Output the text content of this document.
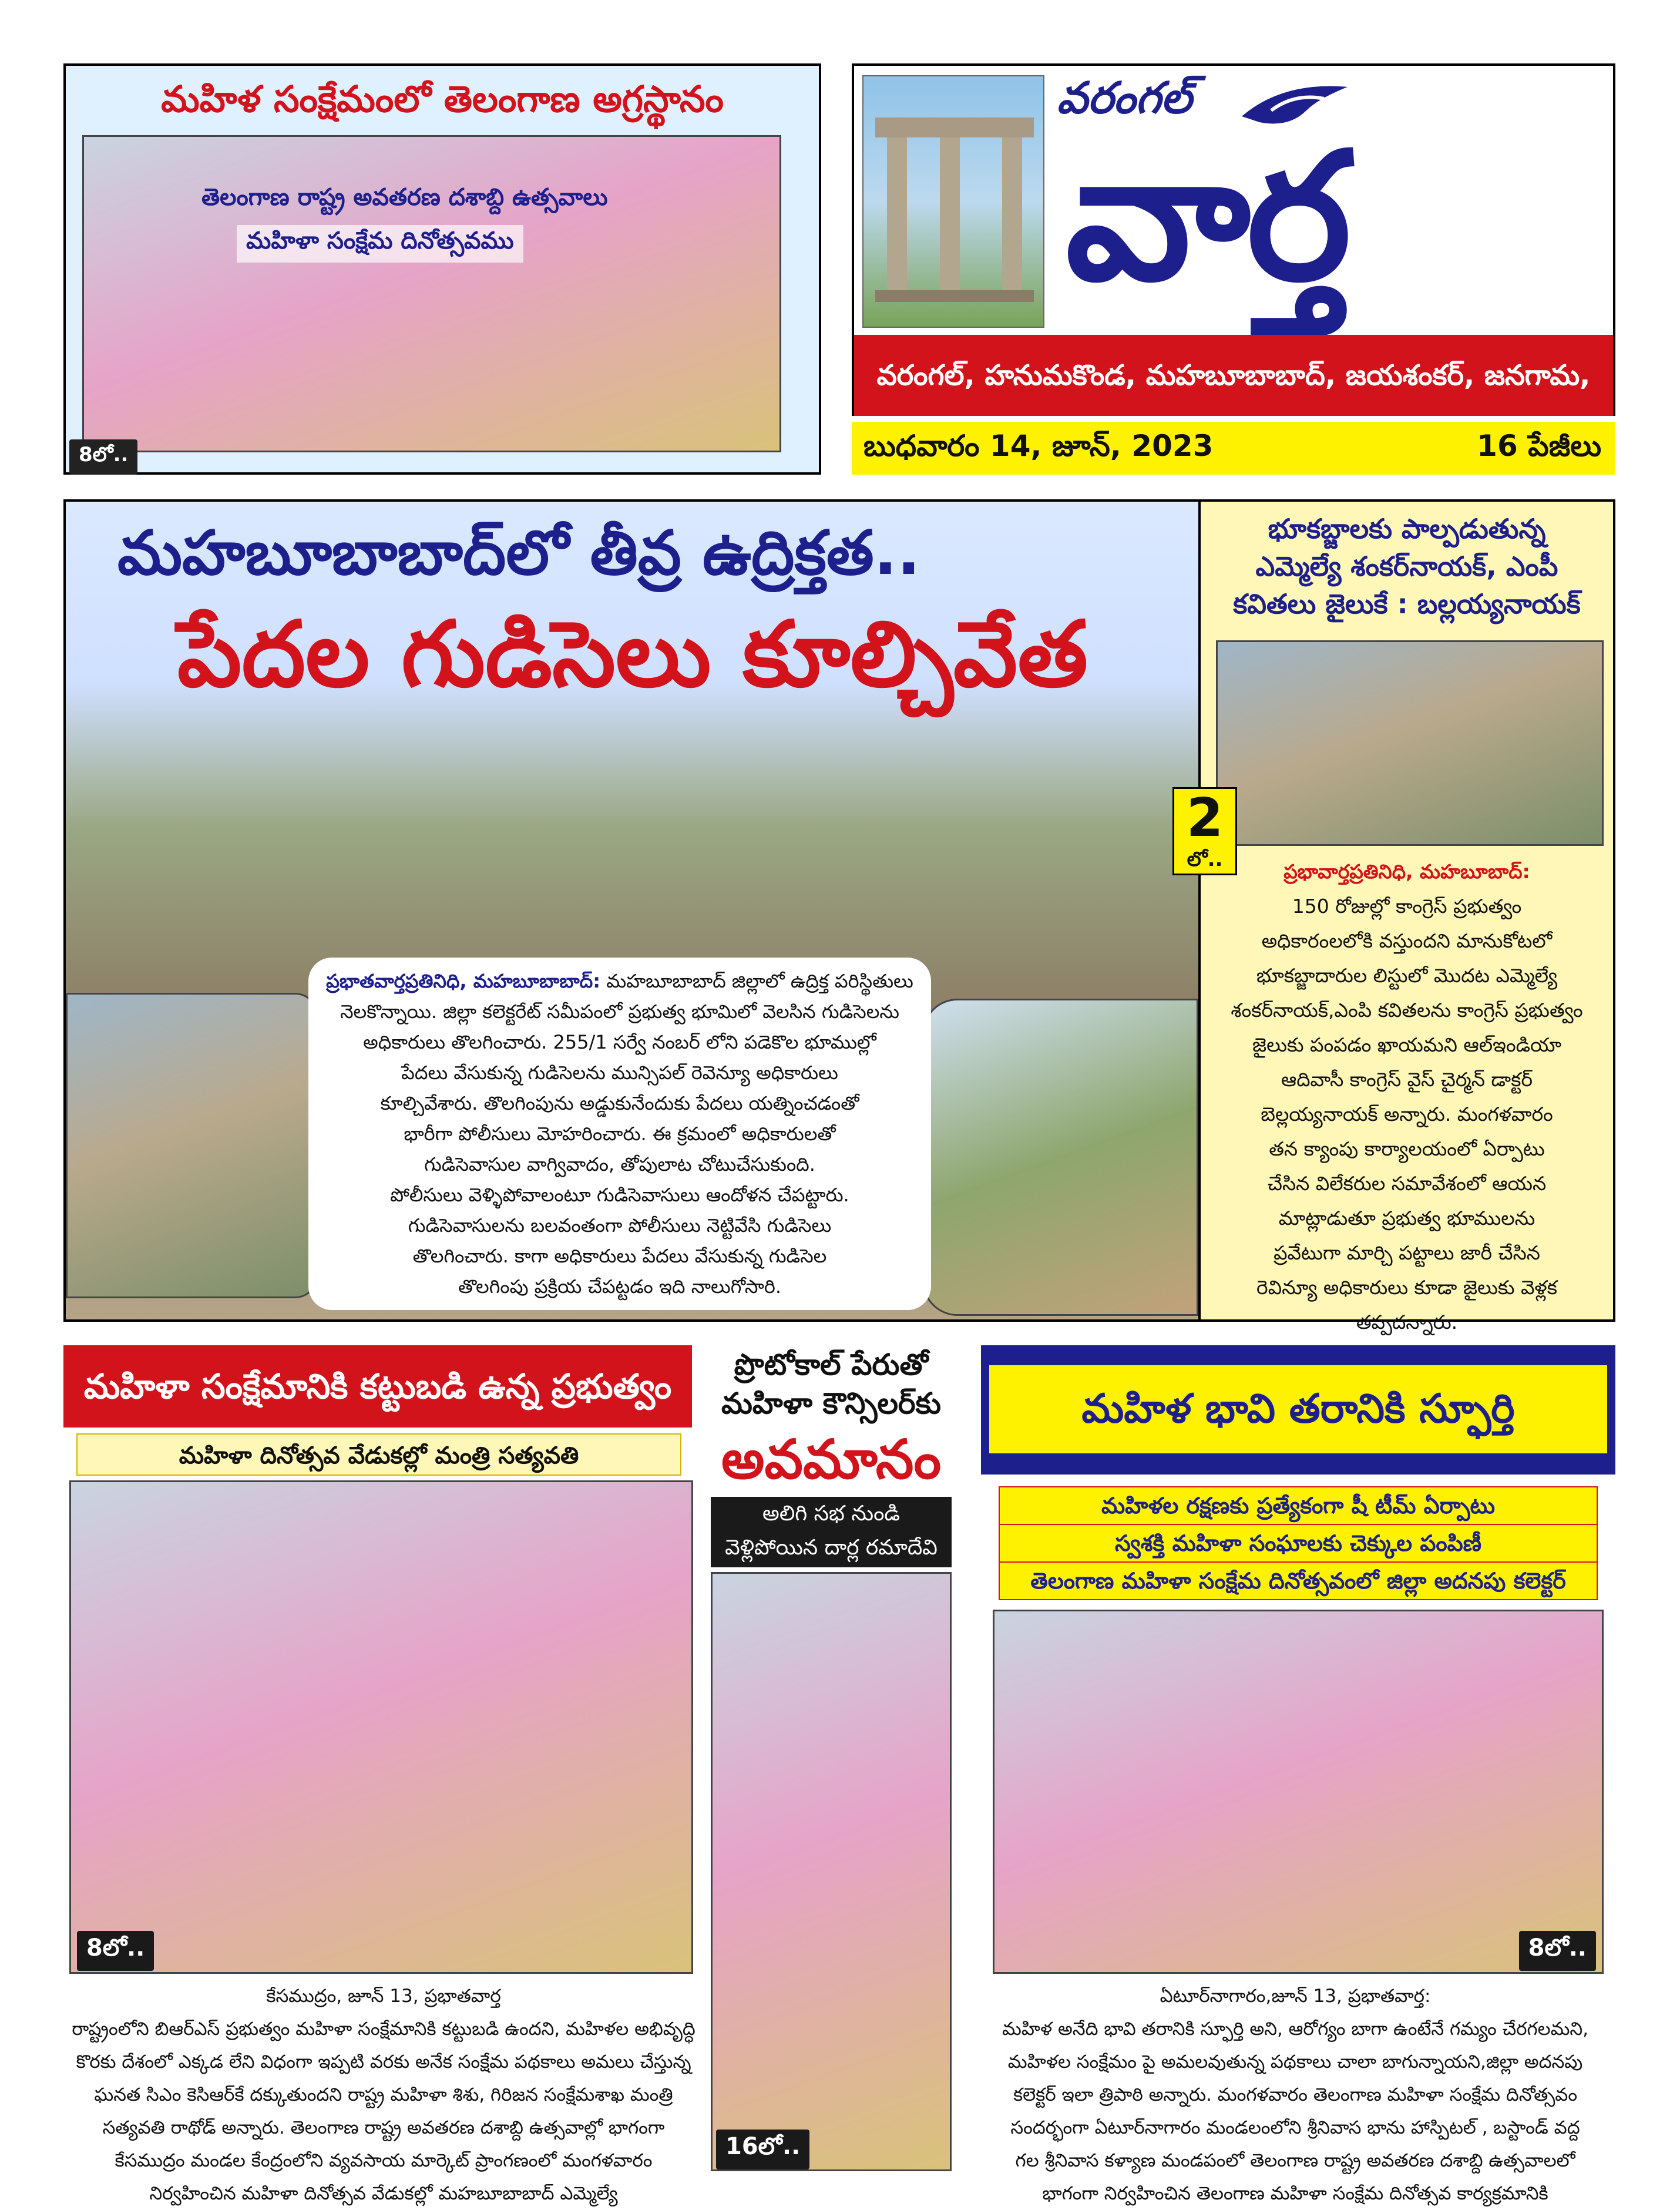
మహిళ సంక్షేమంలో తెలంగాణ అగ్రస్థానం
తెలంగాణ రాష్ట్ర అవతరణ దశాబ్ది ఉత్సవాలు
మహిళా సంక్షేమ దినోత్సవము
8లో..
వరంగల్
వార్త
వరంగల్, హనుమకొండ, మహబూబాబాద్, జయశంకర్, జనగామ,
బుధవారం 14, జూన్, 2023	16 పేజీలు
మహబూబాబాద్‌లో తీవ్ర ఉద్రిక్తత..
పేదల గుడిసెలు కూల్చివేత
ప్రభాతవార్తప్రతినిధి, మహబూబాబాద్: మహబూబాబాద్ జిల్లాలో ఉద్రిక్త పరిస్థితులు
నెలకొన్నాయి. జిల్లా కలెక్టరేట్ సమీపంలో ప్రభుత్వ భూమిలో వెలసిన గుడిసెలను
అధికారులు తొలగించారు. 255/1 సర్వే నంబర్ లోని పడెకొల భూముల్లో
పేదలు వేసుకున్న గుడిసెలను మున్సిపల్ రెవెన్యూ అధికారులు
కూల్చివేశారు. తొలగింపును అడ్డుకునేందుకు పేదలు యత్నించడంతో
భారీగా పోలీసులు మోహరించారు. ఈ క్రమంలో అధికారులతో
గుడిసెవాసుల వాగ్వివాదం, తోపులాట చోటుచేసుకుంది.
పోలీసులు వెళ్ళిపోవాలంటూ గుడిసెవాసులు ఆందోళన చేపట్టారు.
గుడిసెవాసులను బలవంతంగా పోలీసులు నెట్టివేసి గుడిసెలు
తొలగించారు. కాగా అధికారులు పేదలు వేసుకున్న గుడిసెల
తొలగింపు ప్రక్రియ చేపట్టడం ఇది నాలుగోసారి.
భూకబ్జాలకు పాల్పడుతున్న
ఎమ్మెల్యే శంకర్‌నాయక్, ఎంపీ
కవితలు జైలుకే : బల్లయ్యనాయక్
ప్రభావార్తప్రతినిధి, మహబూబాద్:
150 రోజుల్లో కాంగ్రెస్ ప్రభుత్వం
అధికారంలలోకి వస్తుందని మానుకోటలో
భూకబ్జాదారుల లిస్టులో మొదట ఎమ్మెల్యే
శంకర్‌నాయక్,ఎంపి కవితలను కాంగ్రెస్ ప్రభుత్వం
జైలుకు పంపడం ఖాయమని ఆల్‌ఇండియా
ఆదివాసీ కాంగ్రెస్ వైస్ చైర్మన్ డాక్టర్
బెల్లయ్యనాయక్ అన్నారు. మంగళవారం
తన క్యాంపు కార్యాలయంలో ఏర్పాటు
చేసిన విలేకరుల సమావేశంలో ఆయన
మాట్లాడుతూ ప్రభుత్వ భూములను
ప్రవేటుగా మార్చి పట్టాలు జారీ చేసిన
రెవిన్యూ అధికారులు కూడా జైలుకు వెళ్లక
తప్పదన్నారు.
2
లో..
మహిళా సంక్షేమానికి కట్టుబడి ఉన్న ప్రభుత్వం
మహిళా దినోత్సవ వేడుకల్లో మంత్రి సత్యవతి
8లో..
కేసముద్రం, జూన్ 13, ప్రభాతవార్త
రాష్ట్రంలోని బిఆర్ఎస్ ప్రభుత్వం మహిళా సంక్షేమానికి కట్టుబడి ఉందని, మహిళల అభివృద్ధి
కొరకు దేశంలో ఎక్కడ లేని విధంగా ఇప్పటి వరకు అనేక సంక్షేమ పథకాలు అమలు చేస్తున్న
ఘనత సిఎం కెసిఆర్‌కే దక్కుతుందని రాష్ట్ర మహిళా శిశు, గిరిజన సంక్షేమశాఖ మంత్రి
సత్యవతి రాథోడ్ అన్నారు. తెలంగాణ రాష్ట్ర అవతరణ దశాబ్ది ఉత్సవాల్లో భాగంగా
కేసముద్రం మండల కేంద్రంలోని వ్యవసాయ మార్కెట్ ప్రాంగణంలో మంగళవారం
నిర్వహించిన మహిళా దినోత్సవ వేడుకల్లో మహబూబాబాద్ ఎమ్మెల్యే
ప్రొటోకాల్ పేరుతో
మహిళా కౌన్సిలర్‌కు
అవమానం
అలిగి సభ నుండి
వెళ్లిపోయిన దార్ల రమాదేవి
16లో..
మహిళ భావి తరానికి స్ఫూర్తి
మహిళల రక్షణకు ప్రత్యేకంగా షీ టీమ్ ఏర్పాటు
స్వశక్తి మహిళా సంఘాలకు చెక్కుల పంపిణీ
తెలంగాణ మహిళా సంక్షేమ దినోత్సవంలో జిల్లా అదనపు కలెక్టర్
8లో..
ఏటూర్‌నాగారం,జూన్ 13, ప్రభాతవార్త:
మహిళ అనేది భావి తరానికి స్ఫూర్తి అని, ఆరోగ్యం బాగా ఉంటేనే గమ్యం చేరగలమని,
మహిళల సంక్షేమం పై అమలవుతున్న పథకాలు చాలా బాగున్నాయని,జిల్లా అదనపు
కలెక్టర్ ఇలా త్రిపాఠి అన్నారు. మంగళవారం తెలంగాణ మహిళా సంక్షేమ దినోత్సవం
సందర్భంగా ఏటూర్‌నాగారం మండలంలోని శ్రీనివాస భాను హాస్పిటల్ , బస్టాండ్ వద్ద
గల శ్రీనివాస కళ్యాణ మండపంలో తెలంగాణ రాష్ట్ర అవతరణ దశాబ్ది ఉత్సవాలలో
భాగంగా నిర్వహించిన తెలంగాణ మహిళా సంక్షేమ దినోత్సవ కార్యక్రమానికి
